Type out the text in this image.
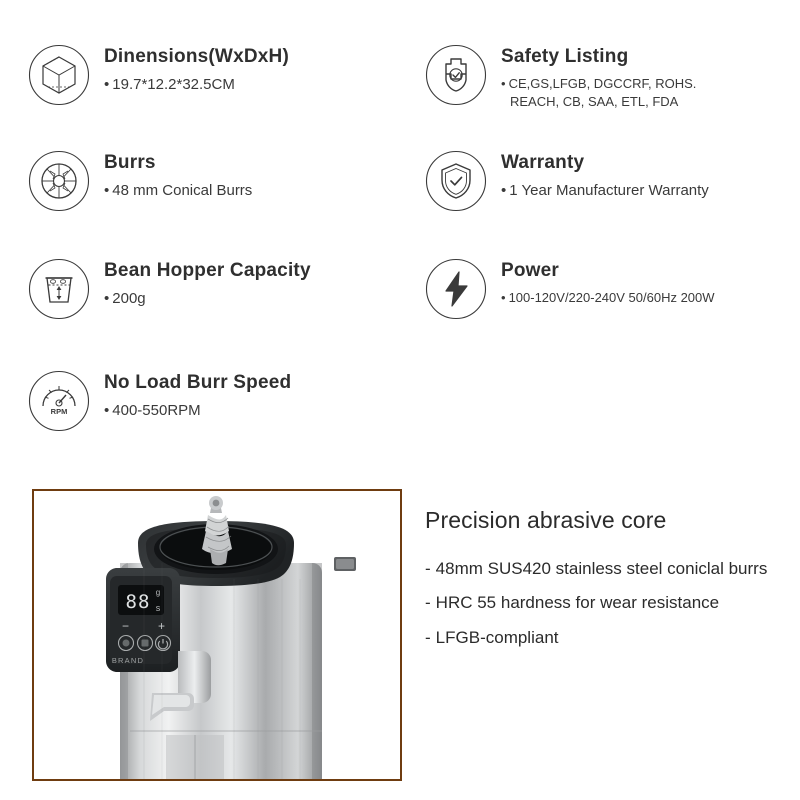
Dinensions(WxDxH)
• 19.7*12.2*32.5CM
Burrs
• 48 mm Conical Burrs
Bean Hopper Capacity
• 200g
RPM
No Load Burr Speed
• 400-550RPM
Safety Listing
• CE,GS,LFGB, DGCCRF, ROHS.
REACH, CB, SAA, ETL, FDA
Warranty
• 1 Year Manufacturer Warranty
Power
• 100-120V/220-240V 50/60Hz 200W
88 g
s
− +
BRAND
Precision abrasive core
- 48mm SUS420 stainless steel coniclal burrs
- HRC 55 hardness for wear resistance
- LFGB-compliant
